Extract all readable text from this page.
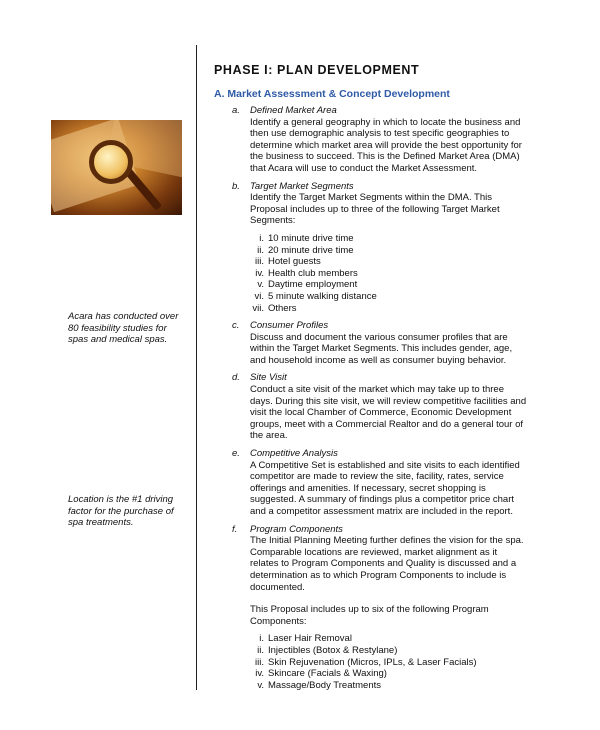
Acara has conducted over 80 feasibility studies for spas and medical spas.
Location is the #1 driving factor for the purchase of spa treatments.
PHASE I: PLAN DEVELOPMENT
A. Market Assessment & Concept Development
a. Defined Market Area
Identify a general geography in which to locate the business and then use demographic analysis to test specific geographies to determine which market area will provide the best opportunity for the business to succeed. This is the Defined Market Area (DMA) that Acara will use to conduct the Market Assessment.
b. Target Market Segments
Identify the Target Market Segments within the DMA. This Proposal includes up to three of the following Target Market Segments:
i. 10 minute drive time
ii. 20 minute drive time
iii. Hotel guests
iv. Health club members
v. Daytime employment
vi. 5 minute walking distance
vii. Others
c. Consumer Profiles
Discuss and document the various consumer profiles that are within the Target Market Segments. This includes gender, age, and household income as well as consumer buying behavior.
d. Site Visit
Conduct a site visit of the market which may take up to three days. During this site visit, we will review competitive facilities and visit the local Chamber of Commerce, Economic Development groups, meet with a Commercial Realtor and do a general tour of the area.
e. Competitive Analysis
A Competitive Set is established and site visits to each identified competitor are made to review the site, facility, rates, service offerings and amenities. If necessary, secret shopping is suggested. A summary of findings plus a competitor price chart and a competitor assessment matrix are included in the report.
f. Program Components
The Initial Planning Meeting further defines the vision for the spa. Comparable locations are reviewed, market alignment as it relates to Program Components and Quality is discussed and a determination as to which Program Components to include is documented.
This Proposal includes up to six of the following Program Components:
i. Laser Hair Removal
ii. Injectibles (Botox & Restylane)
iii. Skin Rejuvenation (Micros, IPLs, & Laser Facials)
iv. Skincare (Facials & Waxing)
v. Massage/Body Treatments
